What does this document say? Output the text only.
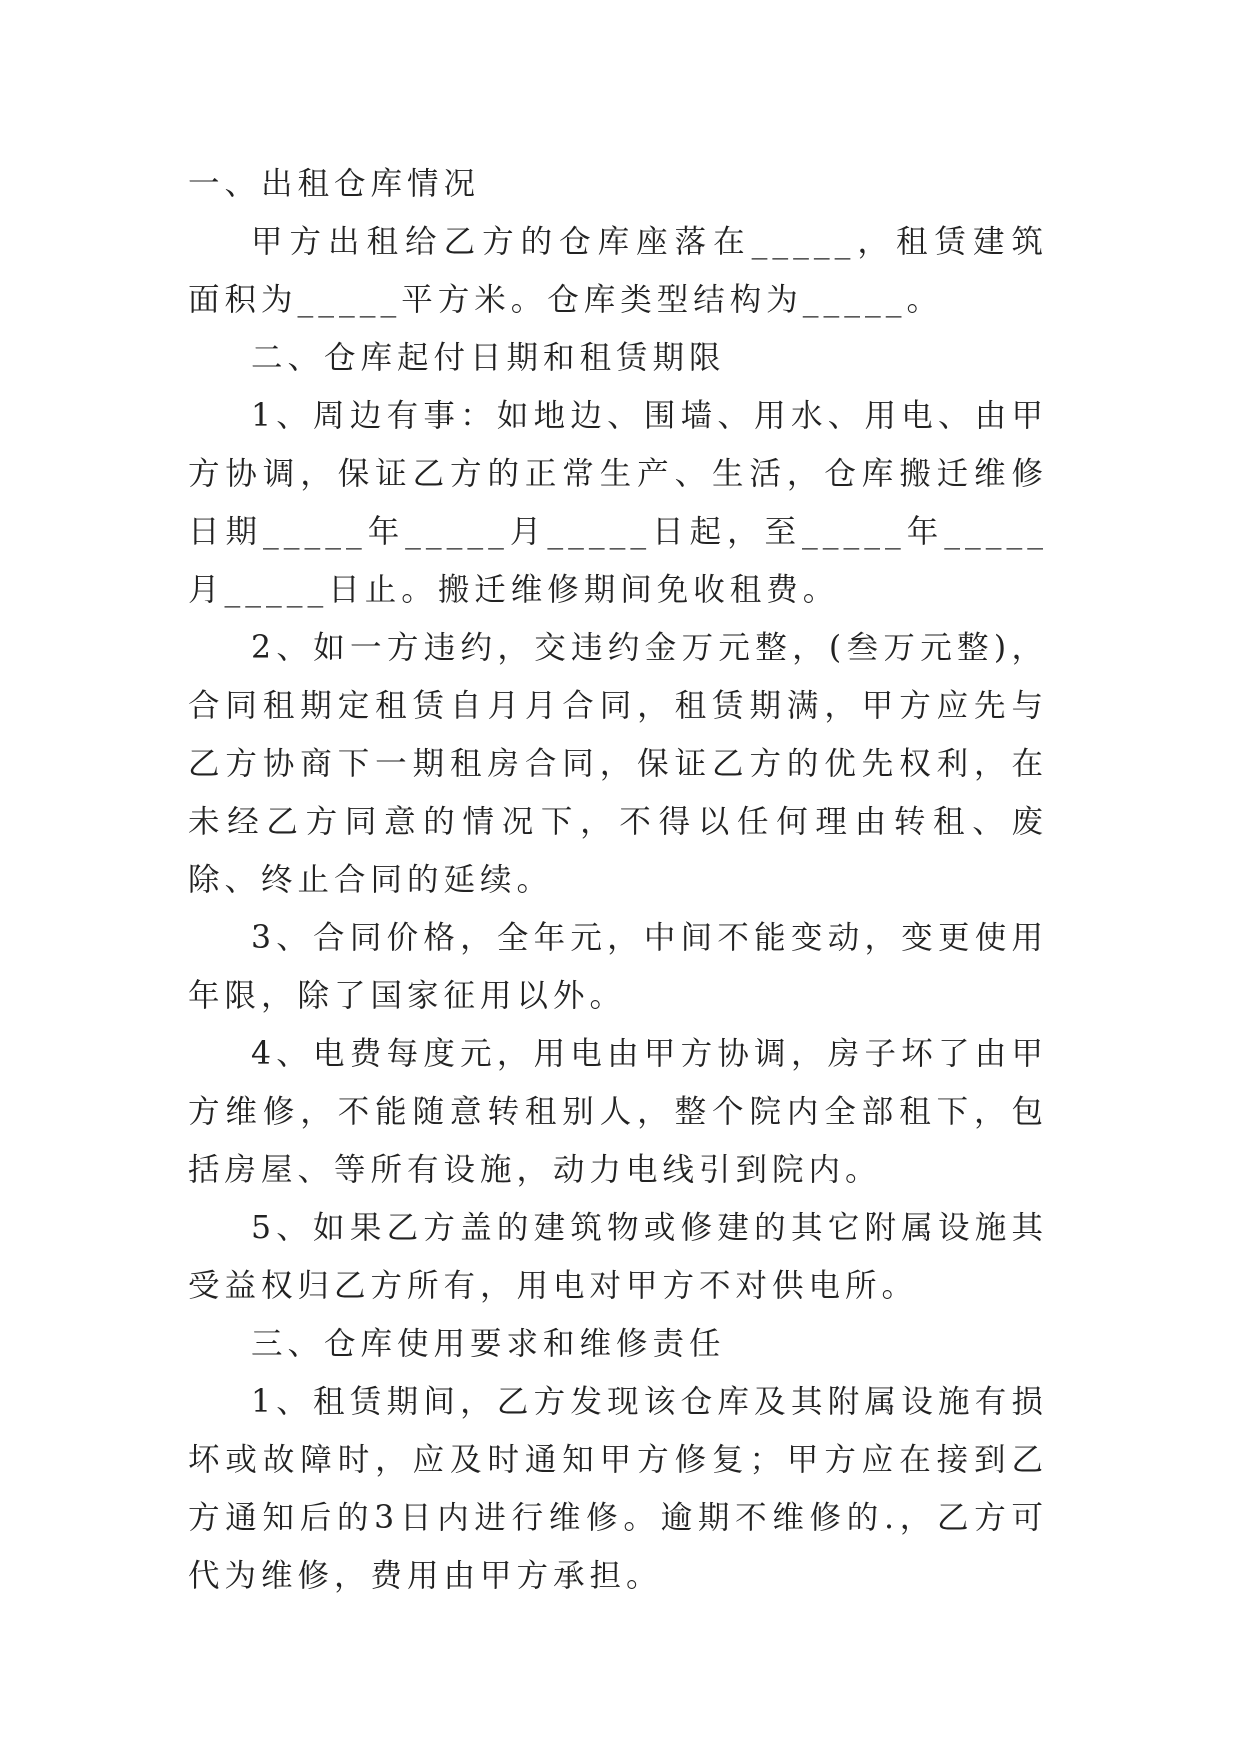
一、出租仓库情况

甲方出租给乙方的仓库座落在_____，租赁建筑面积为_____平方米。仓库类型结构为_____。

二、仓库起付日期和租赁期限

1、周边有事：如地边、围墙、用水、用电、由甲方协调，保证乙方的正常生产、生活，仓库搬迁维修日期_____年_____月_____日起，至_____年_____月_____日止。搬迁维修期间免收租费。

2、如一方违约，交违约金万元整，(叁万元整)，合同租期定租赁自月月合同，租赁期满，甲方应先与乙方协商下一期租房合同，保证乙方的优先权利，在未经乙方同意的情况下，不得以任何理由转租、废除、终止合同的延续。

3、合同价格，全年元，中间不能变动，变更使用年限，除了国家征用以外。

4、电费每度元，用电由甲方协调，房子坏了由甲方维修，不能随意转租别人，整个院内全部租下，包括房屋、等所有设施，动力电线引到院内。

5、如果乙方盖的建筑物或修建的其它附属设施其受益权归乙方所有，用电对甲方不对供电所。

三、仓库使用要求和维修责任

1、租赁期间，乙方发现该仓库及其附属设施有损坏或故障时，应及时通知甲方修复；甲方应在接到乙方通知后的3日内进行维修。逾期不维修的.，乙方可代为维修，费用由甲方承担。
